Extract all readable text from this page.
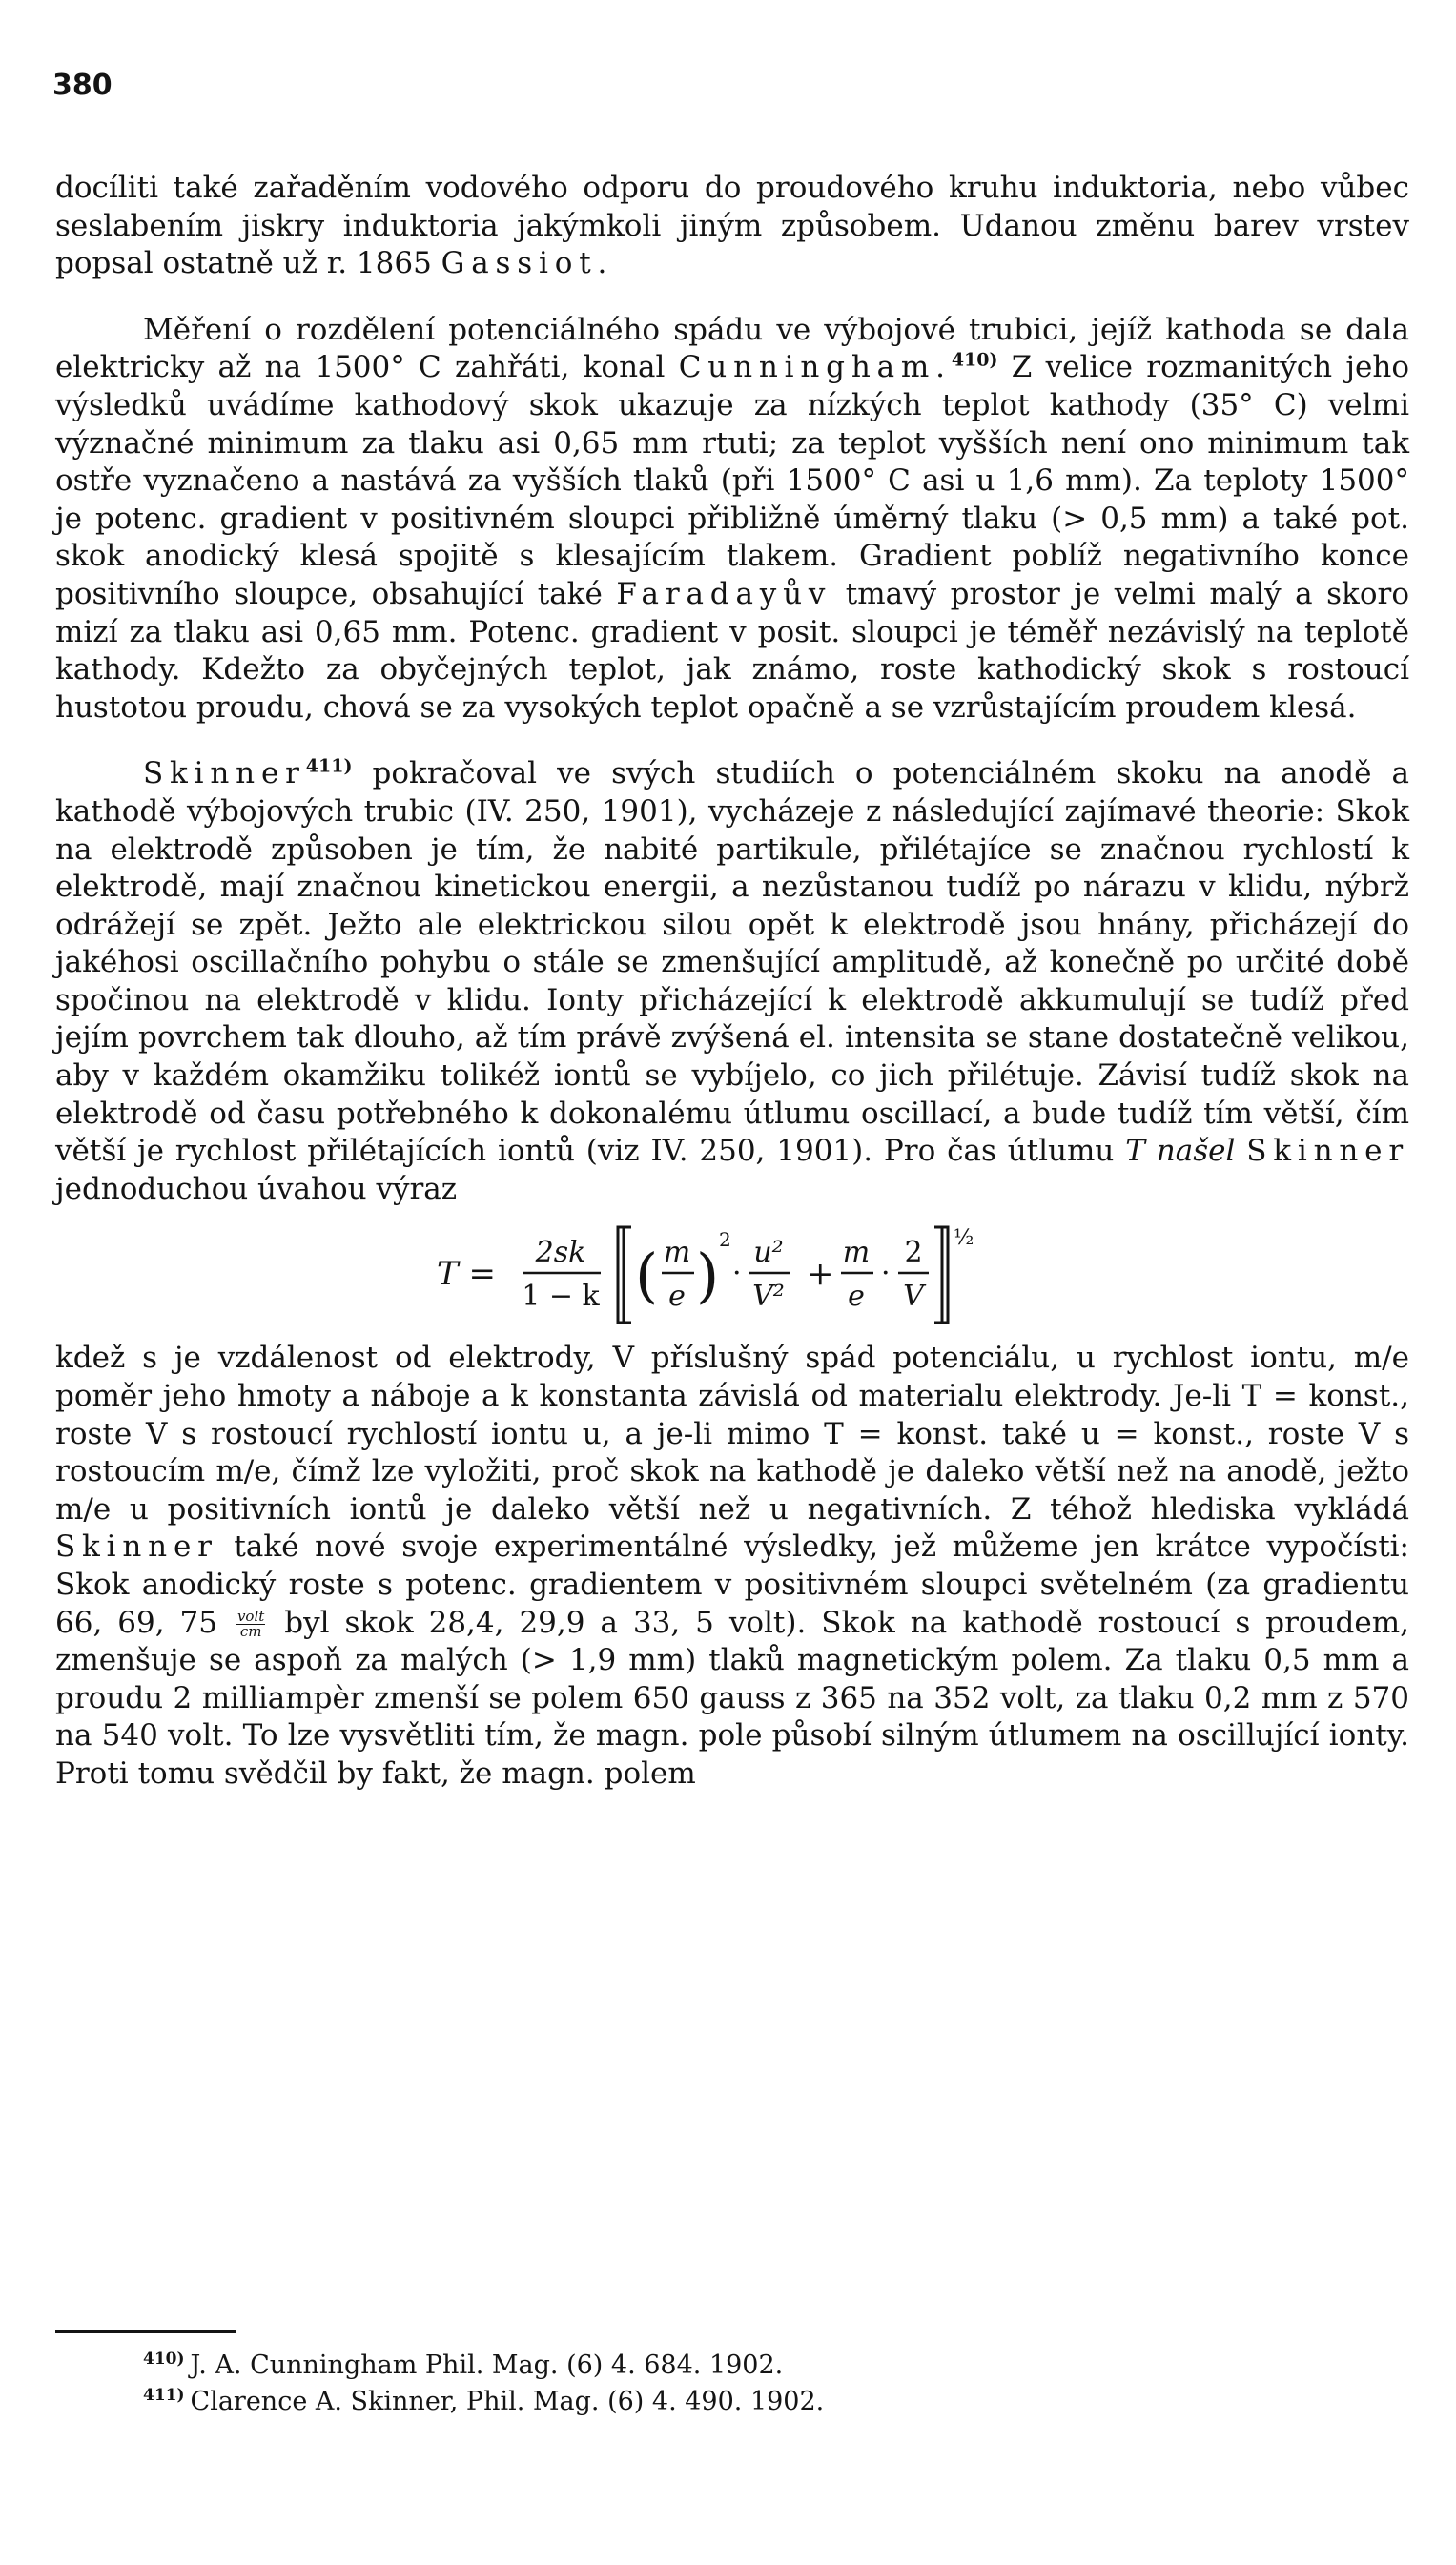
380

docíliti také zařaděním vodového odporu do proudového kruhu induktoria, nebo vůbec seslabením jiskry induktoria jakýmkoli jiným způsobem. Udanou změnu barev vrstev popsal ostatně už r. 1865 Gassiot.

Měření o rozdělení potenciálného spádu ve výbojové trubici, jejíž kathoda se dala elektricky až na 1500° C zahřáti, konal Cunningham.$^{410)}$ Z velice rozmanitých jeho výsledků uvádíme kathodový skok ukazuje za nízkých teplot kathody (35° C) velmi význačné minimum za tlaku asi 0,65 mm rtuti; za teplot vyšších není ono minimum tak ostře vyznačeno a nastává za vyšších tlaků (při 1500° C asi u 1,6 mm). Za teploty 1500° je potenc. gradient v positivném sloupci přibližně úměrný tlaku (> 0,5 mm) a také pot. skok anodický klesá spojitě s klesajícím tlakem. Gradient poblíž negativního konce positivního sloupce, obsahující také Faradayův tmavý prostor je velmi malý a skoro mizí za tlaku asi 0,65 mm. Potenc. gradient v posit. sloupci je téměř nezávislý na teplotě kathody. Kdežto za obyčejných teplot, jak známo, roste kathodický skok s rostoucí hustotou proudu, chová se za vysokých teplot opačně a se vzrůstajícím proudem klesá.

Skinner$^{411)}$ pokračoval ve svých studiích o potenciálném skoku na anodě a kathodě výbojových trubic (IV. 250, 1901), vycházeje z následující zajímavé theorie: Skok na elektrodě způsoben je tím, že nabité partikule, přilétajíce se značnou rychlostí k elektrodě, mají značnou kinetickou energii, a nezůstanou tudíž po nárazu v klidu, nýbrž odrážejí se zpět. Ježto ale elektrickou silou opět k elektrodě jsou hnány, přicházejí do jakéhosi oscillačního pohybu o stále se zmenšující amplitudě, až konečně po určité době spočinou na elektrodě v klidu. Ionty přicházející k elektrodě akkumulují se tudíž před jejím povrchem tak dlouho, až tím právě zvýšená el. intensita se stane dostatečně velikou, aby v každém okamžiku tolikéž iontů se vybíjelo, co jich přilétuje. Závisí tudíž skok na elektrodě od času potřebného k dokonalému útlumu oscillací, a bude tudíž tím větší, čím větší je rychlost přilétajících iontů (viz IV. 250, 1901). Pro čas útlumu T našel Skinner jednoduchou úvahou výraz

T =
2sk
1 − k ( m
e )
2
·
u²
V²
+
m
e
·
2
V
½

kdež s je vzdálenost od elektrody, V příslušný spád potenciálu, u rychlost iontu, m/e poměr jeho hmoty a náboje a k konstanta závislá od materialu elektrody. Je-li T = konst., roste V s rostoucí rychlostí iontu u, a je-li mimo T = konst. také u = konst., roste V s rostoucím m/e, čímž lze vyložiti, proč skok na kathodě je daleko větší než na anodě, ježto m/e u positivních iontů je daleko větší než u negativních. Z téhož hlediska vykládá Skinner také nové svoje experimentálné výsledky, jež můžeme jen krátce vypočísti: Skok anodický roste s potenc. gradientem v positivném sloupci světelném (za gradientu 66, 69, 75 volt
cm byl skok 28,4, 29,9 a 33, 5 volt). Skok na kathodě rostoucí s proudem, zmenšuje se aspoň za malých (> 1,9 mm) tlaků magnetickým polem. Za tlaku 0,5 mm a proudu 2 milliampèr zmenší se polem 650 gauss z 365 na 352 volt, za tlaku 0,2 mm z 570 na 540 volt. To lze vysvětliti tím, že magn. pole působí silným útlumem na oscillující ionty. Proti tomu svědčil by fakt, že magn. polem

$^{410)}$ J. A. Cunningham Phil. Mag. (6) 4. 684. 1902.
$^{411)}$ Clarence A. Skinner, Phil. Mag. (6) 4. 490. 1902.
